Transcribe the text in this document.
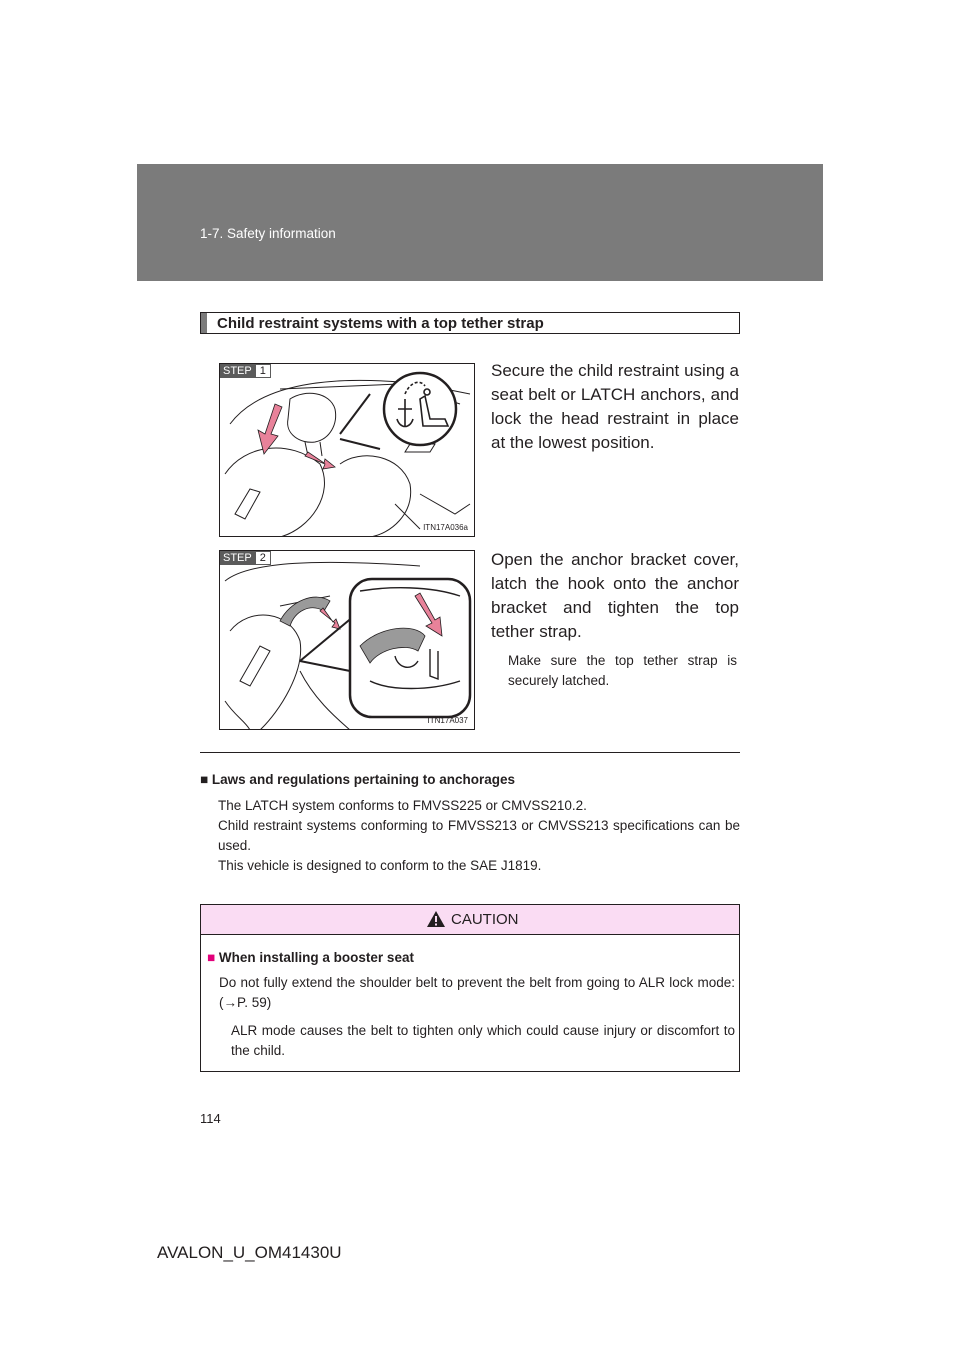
1-7. Safety information
Child restraint systems with a top tether strap
STEP 1
ITN17A036a
Secure the child restraint using a seat belt or LATCH anchors, and lock the head restraint in place at the lowest position.
STEP 2
ITN17A037
Open the anchor bracket cover, latch the hook onto the anchor bracket and tighten the top tether strap.
Make sure the top tether strap is securely latched.
■ Laws and regulations pertaining to anchorages

The LATCH system conforms to FMVSS225 or CMVSS210.2.

Child restraint systems conforming to FMVSS213 or CMVSS213 specifications can be used.

This vehicle is designed to conform to the SAE J1819.

CAUTION
■ When installing a booster seat
Do not fully extend the shoulder belt to prevent the belt from going to ALR lock mode: (→P. 59)
ALR mode causes the belt to tighten only which could cause injury or discomfort to the child.
114
AVALON_U_OM41430U
